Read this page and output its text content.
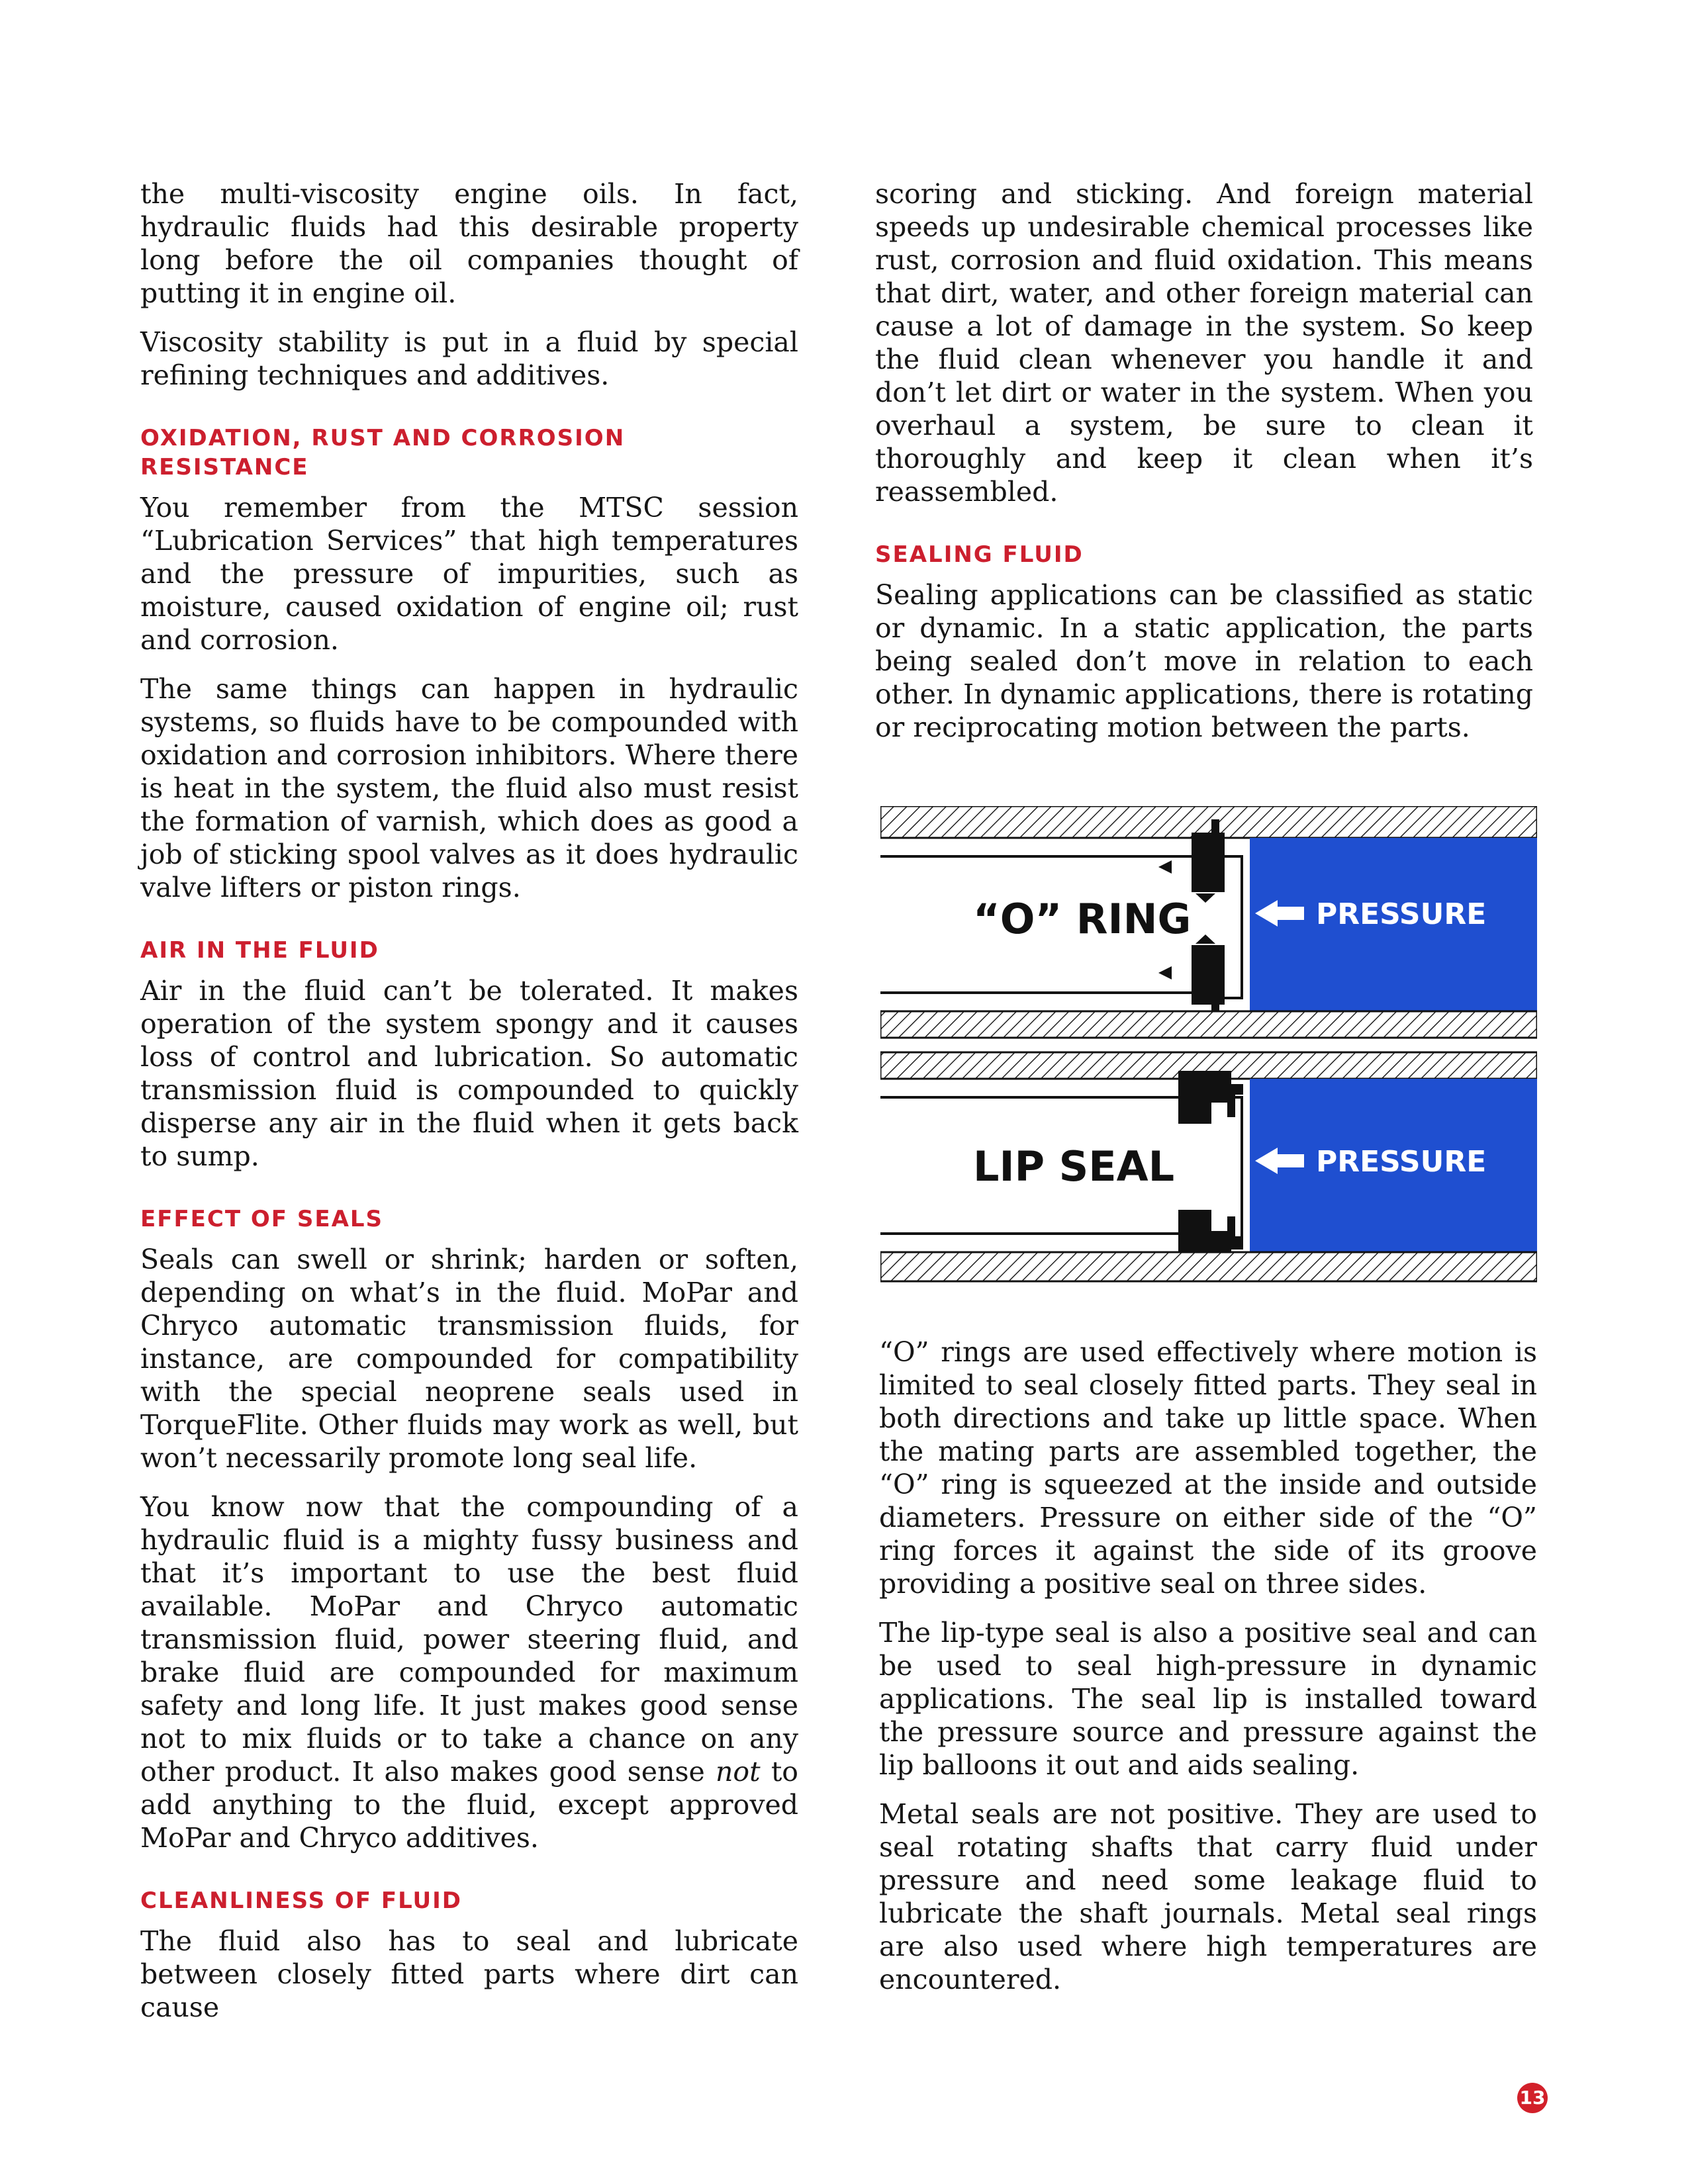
the multi-viscosity engine oils. In fact, hydraulic fluids had this desirable property long before the oil companies thought of putting it in engine oil.

Viscosity stability is put in a fluid by special refining techniques and additives.

OXIDATION, RUST AND CORROSION RESISTANCE

You remember from the MTSC session “Lubrication Services” that high temperatures and the pressure of impurities, such as moisture, caused oxidation of engine oil; rust and corrosion.

The same things can happen in hydraulic systems, so fluids have to be compounded with oxidation and corrosion inhibitors. Where there is heat in the system, the fluid also must resist the formation of varnish, which does as good a job of sticking spool valves as it does hydraulic valve lifters or piston rings.

AIR IN THE FLUID

Air in the fluid can’t be tolerated. It makes operation of the system spongy and it causes loss of control and lubrication. So automatic transmission fluid is compounded to quickly disperse any air in the fluid when it gets back to sump.

EFFECT OF SEALS

Seals can swell or shrink; harden or soften, depending on what’s in the fluid. MoPar and Chryco automatic transmission fluids, for instance, are compounded for compatibility with the special neoprene seals used in TorqueFlite. Other fluids may work as well, but won’t necessarily promote long seal life.

You know now that the compounding of a hydraulic fluid is a mighty fussy business and that it’s important to use the best fluid available. MoPar and Chryco automatic transmission fluid, power steering fluid, and brake fluid are compounded for maximum safety and long life. It just makes good sense not to mix fluids or to take a chance on any other product. It also makes good sense not to add anything to the fluid, except approved MoPar and Chryco additives.

CLEANLINESS OF FLUID

The fluid also has to seal and lubricate between closely fitted parts where dirt can cause

scoring and sticking. And foreign material speeds up undesirable chemical processes like rust, corrosion and fluid oxidation. This means that dirt, water, and other foreign material can cause a lot of damage in the system. So keep the fluid clean whenever you handle it and don’t let dirt or water in the system. When you overhaul a system, be sure to clean it thoroughly and keep it clean when it’s reassembled.

SEALING FLUID

Sealing applications can be classified as static or dynamic. In a static application, the parts being sealed don’t move in relation to each other. In dynamic applications, there is rotating or reciprocating motion between the parts.

“O” RING	PRESSURE
LIP SEAL	PRESSURE

“O” rings are used effectively where motion is limited to seal closely fitted parts. They seal in both directions and take up little space. When the mating parts are assembled together, the “O” ring is squeezed at the inside and outside diameters. Pressure on either side of the “O” ring forces it against the side of its groove providing a positive seal on three sides.

The lip-type seal is also a positive seal and can be used to seal high-pressure in dynamic applications. The seal lip is installed toward the pressure source and pressure against the lip balloons it out and aids sealing.

Metal seals are not positive. They are used to seal rotating shafts that carry fluid under pressure and need some leakage fluid to lubricate the shaft journals. Metal seal rings are also used where high temperatures are encountered.

13
